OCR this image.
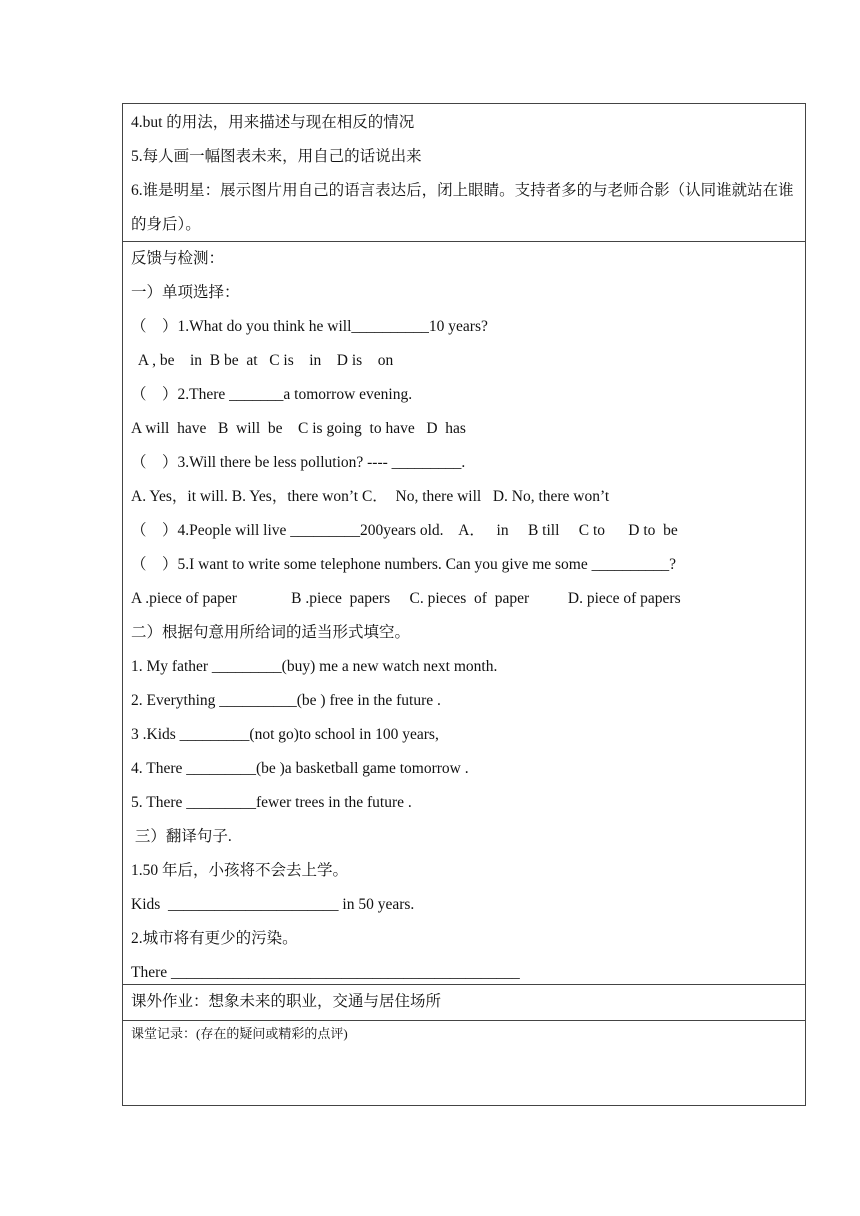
4.but 的用法，用来描述与现在相反的情况
5.每人画一幅图表未来，用自己的话说出来
6.谁是明星：展示图片用自己的语言表达后，闭上眼睛。支持者多的与老师合影（认同谁就站在谁的身后）。
反馈与检测：
一）单项选择：
（　）1.What do you think he will__________10 years?
A , be    in  B be  at   C is    in    D is    on
（　）2.There _______a tomorrow evening.
A will  have   B  will  be    C is going  to have   D  has
（　）3.Will there be less pollution? ---- _________.
A. Yes，it will. B. Yes，there won’t C．  No, there will   D. No, there won’t
（　）4.People will live _________200years old.    A．   in     B till     C to      D to  be
（　）5.I want to write some telephone numbers. Can you give me some __________?
A .piece of paper              B .piece  papers     C. pieces  of  paper          D. piece of papers
二）根据句意用所给词的适当形式填空。
1. My father _________(buy) me a new watch next month.
2. Everything __________(be ) free in the future .
3 .Kids _________(not go)to school in 100 years,
4. There _________(be )a basketball game tomorrow .
5. There _________fewer trees in the future .
三）翻译句子.
1.50 年后，小孩将不会去上学。
Kids  ______________________ in 50 years.
2.城市将有更少的污染。
There _____________________________________________
课外作业：想象未来的职业，交通与居住场所
课堂记录：(存在的疑问或精彩的点评)
